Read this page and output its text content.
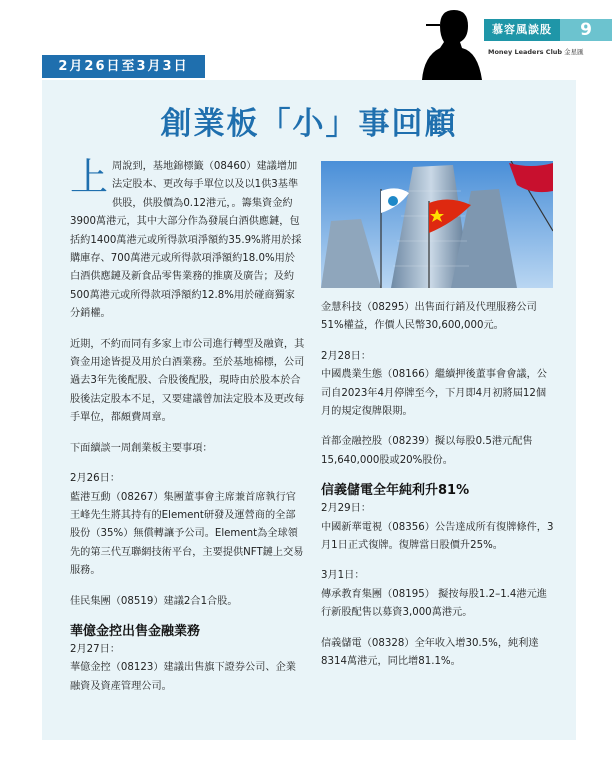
慕容風談股	9
Money Leaders Club 金星匯
2月26日至3月3日
創業板「小」事回顧

上 周說到，基地錦標籤（08460）建議增加法定股本、更改每手單位以及以1供3基準供股，供股價為0.12港元，。籌集資金約3900萬港元，其中大部分作為發展白酒供應鏈，包括約1400萬港元或所得款項淨額約35.9%將用於採購庫存、700萬港元或所得款項淨額約18.0%用於白酒供應鏈及新食品零售業務的推廣及廣告；及約500萬港元或所得款項淨額約12.8%用於碰商獨家分銷權。

近期，不約而同有多家上市公司進行轉型及融資，其資金用途皆提及用於白酒業務。至於基地棉標，公司過去3年先後配股、合股後配股，現時由於股本於合股後法定股本不足，又要建議曾加法定股本及更改每手單位，都頗費周章。

下面續談一周創業板主要事項：

2月26日：
藍港互動（08267）集團董事會主席兼首席執行官王峰先生將其持有的Element研發及運營商的全部股份（35%）無償轉讓予公司。Element為全球領先的第三代互聯網技術平台，主要提供NFT鏈上交易服務。
佳民集團（08519）建議2合1合股。
華億金控出售金融業務
2月27日：
華億金控（08123）建議出售旗下證券公司、企業融資及資產管理公司。
金慧科技（08295）出售面行銷及代理服務公司51%權益，作價人民幣30,600,000元。
2月28日：
中國農業生態（08166）繼續押後董事會會議，公司自2023年4月停牌至今，下月即4月初將屆12個月的規定復牌限期。
首都金融控股（08239）擬以每股0.5港元配售15,640,000股或20%股份。
信義儲電全年純利升81%
2月29日：
中國新華電視（08356）公告達成所有復牌條件，3月1日正式復牌。復牌當日股價升25%。
3月1日：
傳承教育集團（08195） 擬按每股1.2–1.4港元進行新股配售以募資3,000萬港元。
信義儲電（08328）全年收入增30.5%，純利達8314萬港元，同比增81.1%。
